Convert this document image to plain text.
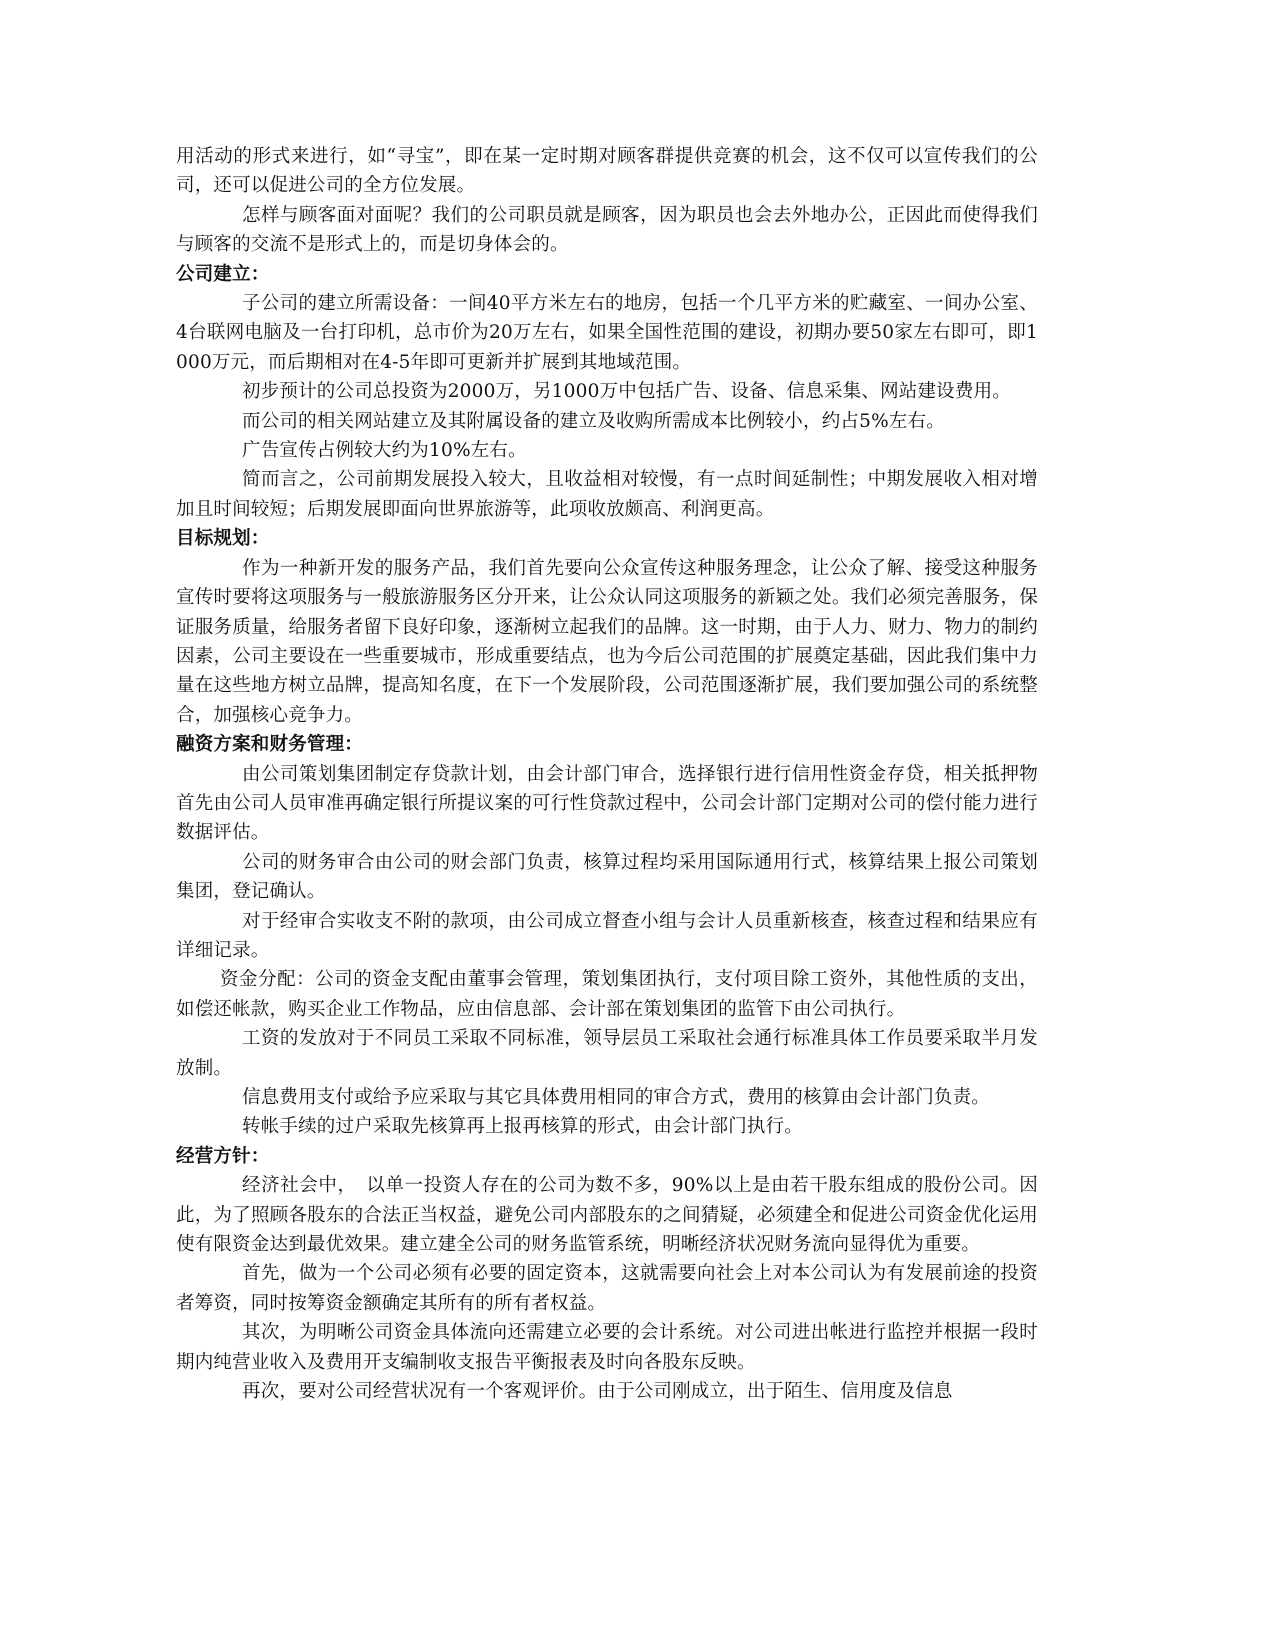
用活动的形式来进行，如“寻宝”，即在某一定时期对顾客群提供竞赛的机会，这不仅可以宣传我们的公司，还可以促进公司的全方位发展。

怎样与顾客面对面呢？我们的公司职员就是顾客，因为职员也会去外地办公，正因此而使得我们与顾客的交流不是形式上的，而是切身体会的。

公司建立：

子公司的建立所需设备：一间40平方米左右的地房，包括一个几平方米的贮藏室、一间办公室、4台联网电脑及一台打印机，总市价为20万左右，如果全国性范围的建设，初期办要50家左右即可，即1000万元，而后期相对在4-5年即可更新并扩展到其地域范围。

初步预计的公司总投资为2000万，另1000万中包括广告、设备、信息采集、网站建设费用。

而公司的相关网站建立及其附属设备的建立及收购所需成本比例较小，约占5%左右。

广告宣传占例较大约为10%左右。

简而言之，公司前期发展投入较大，且收益相对较慢，有一点时间延制性；中期发展收入相对增加且时间较短；后期发展即面向世界旅游等，此项收放颇高、利润更高。

目标规划：

作为一种新开发的服务产品，我们首先要向公众宣传这种服务理念，让公众了解、接受这种服务宣传时要将这项服务与一般旅游服务区分开来，让公众认同这项服务的新颖之处。我们必须完善服务，保证服务质量，给服务者留下良好印象，逐渐树立起我们的品牌。这一时期，由于人力、财力、物力的制约因素，公司主要设在一些重要城市，形成重要结点，也为今后公司范围的扩展奠定基础，因此我们集中力量在这些地方树立品牌，提高知名度，在下一个发展阶段，公司范围逐渐扩展，我们要加强公司的系统整合，加强核心竞争力。

融资方案和财务管理：

由公司策划集团制定存贷款计划，由会计部门审合，选择银行进行信用性资金存贷，相关抵押物首先由公司人员审准再确定银行所提议案的可行性贷款过程中，公司会计部门定期对公司的偿付能力进行数据评估。

公司的财务审合由公司的财会部门负责，核算过程均采用国际通用行式，核算结果上报公司策划集团，登记确认。

对于经审合实收支不附的款项，由公司成立督查小组与会计人员重新核查，核查过程和结果应有详细记录。

资金分配：公司的资金支配由董事会管理，策划集团执行，支付项目除工资外，其他性质的支出，如偿还帐款，购买企业工作物品，应由信息部、会计部在策划集团的监管下由公司执行。

工资的发放对于不同员工采取不同标准，领导层员工采取社会通行标准具体工作员要采取半月发放制。

信息费用支付或给予应采取与其它具体费用相同的审合方式，费用的核算由会计部门负责。

转帐手续的过户采取先核算再上报再核算的形式，由会计部门执行。

经营方针：

经济社会中，　以单一投资人存在的公司为数不多，90%以上是由若干股东组成的股份公司。因此，为了照顾各股东的合法正当权益，避免公司内部股东的之间猜疑，必须建全和促进公司资金优化运用使有限资金达到最优效果。建立建全公司的财务监管系统，明晰经济状况财务流向显得优为重要。

首先，做为一个公司必须有必要的固定资本，这就需要向社会上对本公司认为有发展前途的投资者筹资，同时按筹资金额确定其所有的所有者权益。

其次，为明晰公司资金具体流向还需建立必要的会计系统。对公司进出帐进行监控并根据一段时期内纯营业收入及费用开支编制收支报告平衡报表及时向各股东反映。

再次，要对公司经营状况有一个客观评价。由于公司刚成立，出于陌生、信用度及信息
